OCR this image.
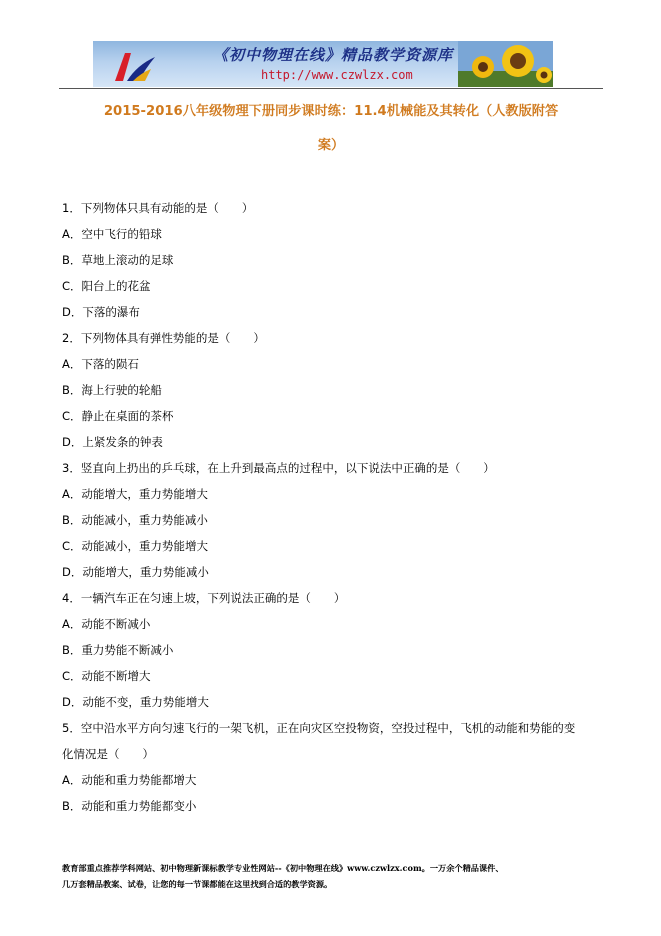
《初中物理在线》精品教学资源库
http://www.czwlzx.com
2015-2016八年级物理下册同步课时练：11.4机械能及其转化（人教版附答
案）
1．下列物体只具有动能的是（　　）
A．空中飞行的铅球
B．草地上滚动的足球
C．阳台上的花盆
D．下落的瀑布
2．下列物体具有弹性势能的是（　　）
A．下落的陨石
B．海上行驶的轮船
C．静止在桌面的茶杯
D．上紧发条的钟表
3．竖直向上扔出的乒乓球，在上升到最高点的过程中，以下说法中正确的是（　　）
A．动能增大，重力势能增大
B．动能减小，重力势能减小
C．动能减小，重力势能增大
D．动能增大，重力势能减小
4．一辆汽车正在匀速上坡，下列说法正确的是（　　）
A．动能不断减小
B．重力势能不断减小
C．动能不断增大
D．动能不变，重力势能增大
5．空中沿水平方向匀速飞行的一架飞机，正在向灾区空投物资，空投过程中，飞机的动能和势能的变
化情况是（　　）
A．动能和重力势能都增大
B．动能和重力势能都变小
教育部重点推荐学科网站、初中物理新课标教学专业性网站--《初中物理在线》www.czwlzx.com。一万余个精品课件、
几万套精品教案、试卷，让您的每一节课都能在这里找到合适的教学资源。
